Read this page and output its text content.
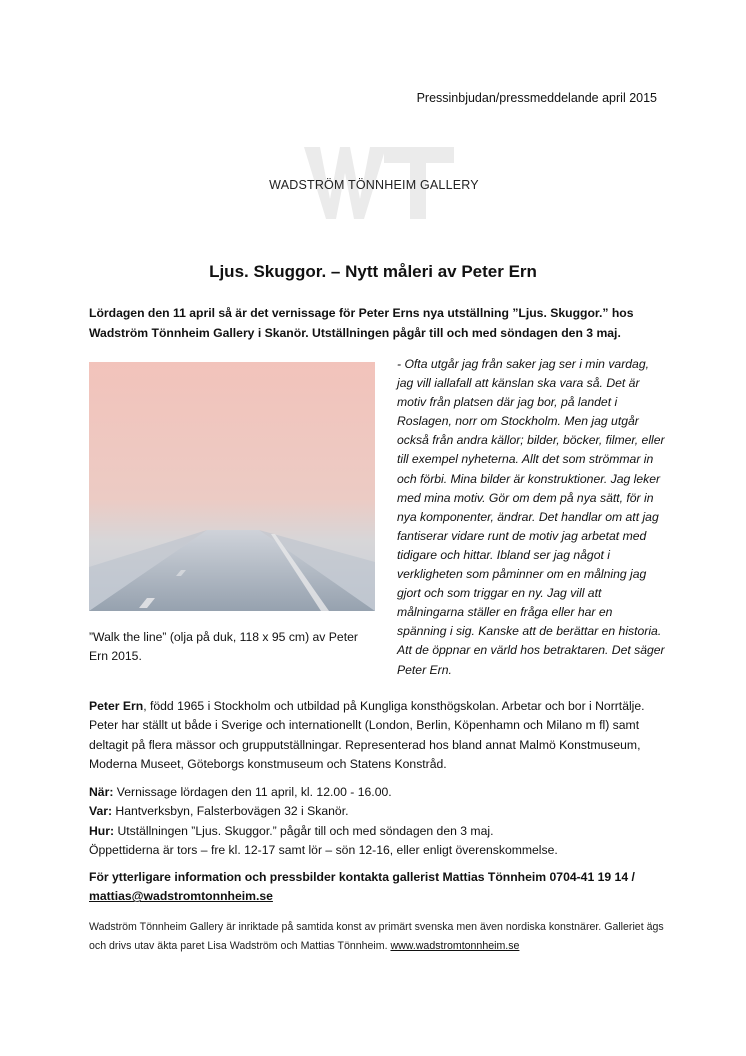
Pressinbjudan/pressmeddelande april 2015
WADSTRÖM TÖNNHEIM GALLERY
Ljus. Skuggor. – Nytt måleri av Peter Ern
Lördagen den 11 april så är det vernissage för Peter Erns nya utställning ”Ljus. Skuggor.” hos Wadström Tönnheim Gallery i Skanör. Utställningen pågår till och med söndagen den 3 maj.
”Walk the line” (olja på duk, 118 x 95 cm) av Peter Ern 2015.
- Ofta utgår jag från saker jag ser i min vardag, jag vill iallafall att känslan ska vara så. Det är motiv från platsen där jag bor, på landet i Roslagen, norr om Stockholm. Men jag utgår också från andra källor; bilder, böcker, filmer, eller till exempel nyheterna. Allt det som strömmar in och förbi. Mina bilder är konstruktioner. Jag leker med mina motiv. Gör om dem på nya sätt, för in nya komponenter, ändrar. Det handlar om att jag fantiserar vidare runt de motiv jag arbetat med tidigare och hittar. Ibland ser jag något i verkligheten som påminner om en målning jag gjort och som triggar en ny. Jag vill att målningarna ställer en fråga eller har en spänning i sig. Kanske att de berättar en historia. Att de öppnar en värld hos betraktaren. Det säger Peter Ern.
Peter Ern, född 1965 i Stockholm och utbildad på Kungliga konsthögskolan. Arbetar och bor i Norrtälje. Peter har ställt ut både i Sverige och internationellt (London, Berlin, Köpenhamn och Milano m fl) samt deltagit på flera mässor och grupputställningar. Representerad hos bland annat Malmö Konstmuseum, Moderna Museet, Göteborgs konstmuseum och Statens Konstråd.
När: Vernissage lördagen den 11 april, kl. 12.00 - 16.00.
Var: Hantverksbyn, Falsterbovägen 32 i Skanör.
Hur: Utställningen ”Ljus. Skuggor.” pågår till och med söndagen den 3 maj.
Öppettiderna är tors – fre kl. 12-17 samt lör – sön 12-16, eller enligt överenskommelse.
För ytterligare information och pressbilder kontakta gallerist Mattias Tönnheim 0704-41 19 14 / mattias@wadstromtonnheim.se
Wadström Tönnheim Gallery är inriktade på samtida konst av primärt svenska men även nordiska konstnärer. Galleriet ägs och drivs utav äkta paret Lisa Wadström och Mattias Tönnheim. www.wadstromtonnheim.se
